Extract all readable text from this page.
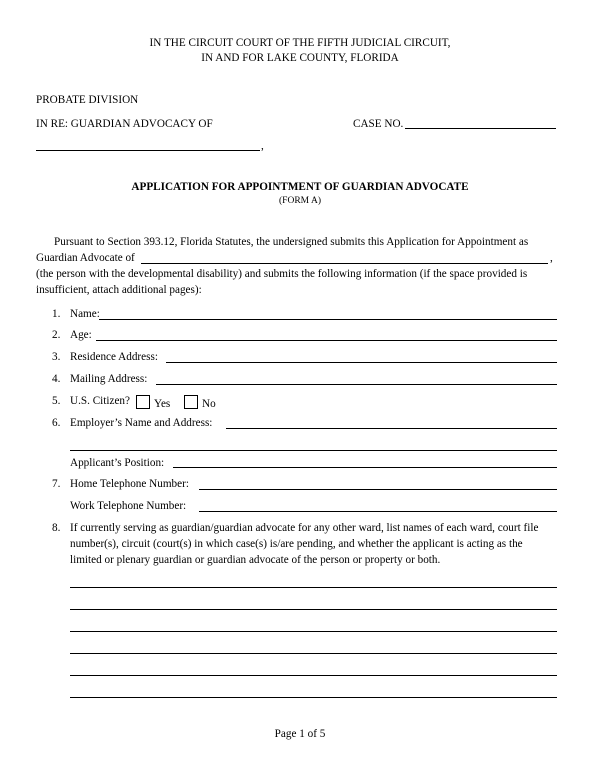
IN THE CIRCUIT COURT OF THE FIFTH JUDICIAL CIRCUIT,
IN AND FOR LAKE COUNTY, FLORIDA
PROBATE DIVISION
IN RE: GUARDIAN ADVOCACY OF	CASE NO.
,
APPLICATION FOR APPOINTMENT OF GUARDIAN ADVOCATE
(FORM A)
Pursuant to Section 393.12, Florida Statutes, the undersigned submits this Application for Appointment as
Guardian Advocate of	,
(the person with the developmental disability) and submits the following information (if the space provided is
insufficient, attach additional pages):
1. Name:
2. Age:
3. Residence Address:
4. Mailing Address:
5. U.S. Citizen?	Yes	No
6. Employer’s Name and Address:
Applicant’s Position:
7. Home Telephone Number:
Work Telephone Number:
8. If currently serving as guardian/guardian advocate for any other ward, list names of each ward, court file
number(s), circuit (court(s) in which case(s) is/are pending, and whether the applicant is acting as the
limited or plenary guardian or guardian advocate of the person or property or both.
Page 1 of 5
